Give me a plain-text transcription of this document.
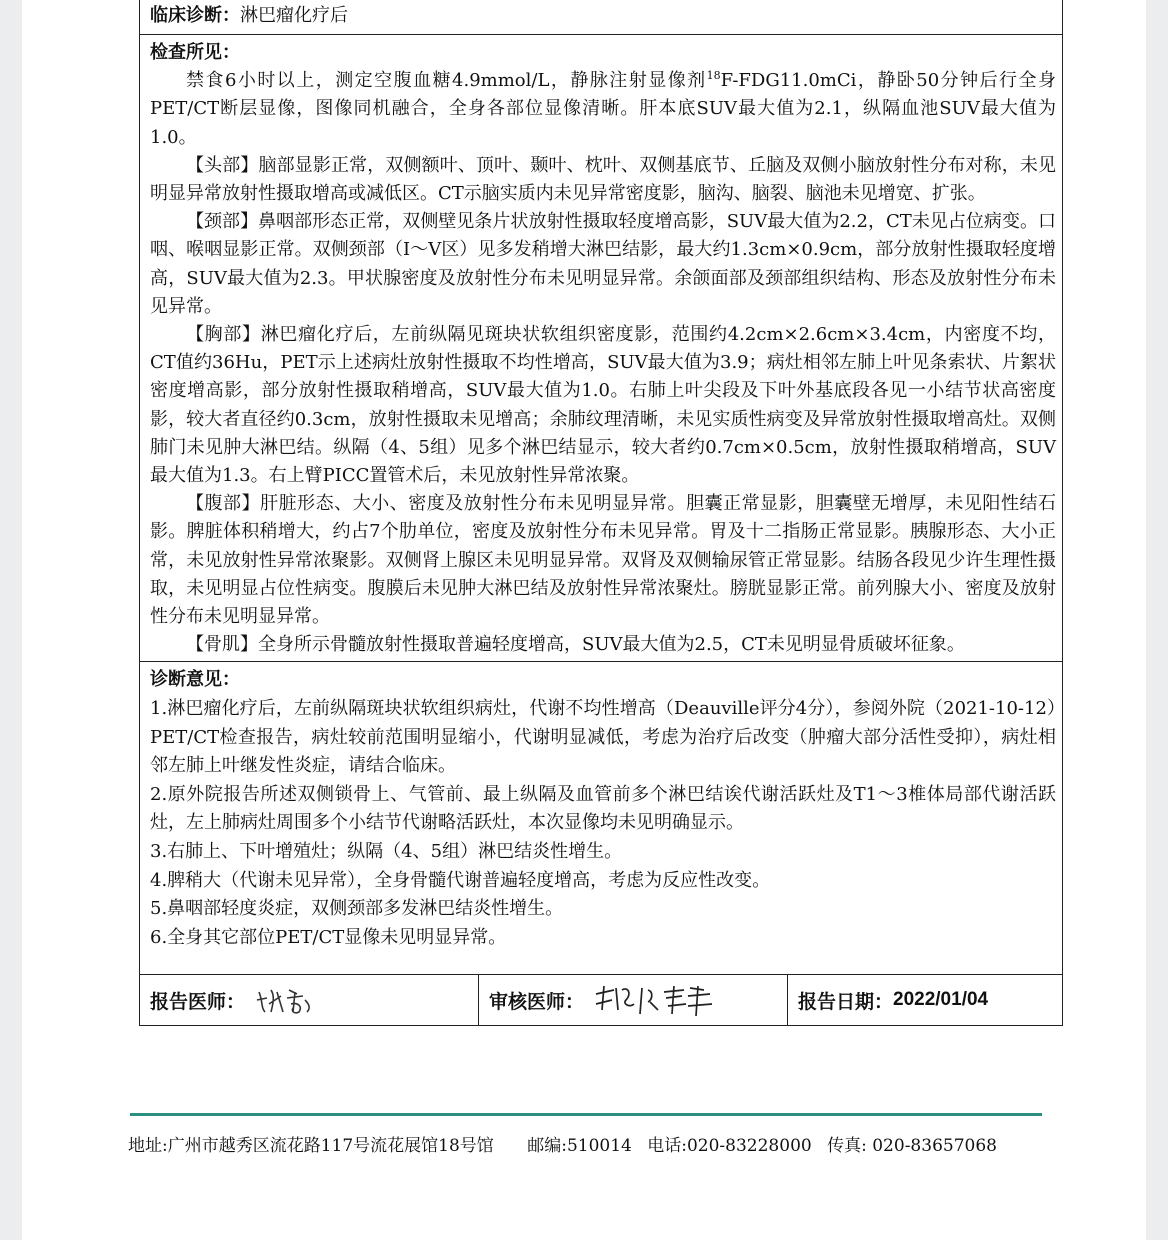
临床诊断：淋巴瘤化疗后
检查所见：

禁食6小时以上，测定空腹血糖4.9mmol/L，静脉注射显像剂$^{18}$F-FDG11.0mCi，静卧50分钟后行全身PET/CT断层显像，图像同机融合，全身各部位显像清晰。肝本底SUV最大值为2.1，纵隔血池SUV最大值为1.0。

【头部】脑部显影正常，双侧额叶、顶叶、颞叶、枕叶、双侧基底节、丘脑及双侧小脑放射性分布对称，未见明显异常放射性摄取增高或减低区。CT示脑实质内未见异常密度影，脑沟、脑裂、脑池未见增宽、扩张。

【颈部】鼻咽部形态正常，双侧壁见条片状放射性摄取轻度增高影，SUV最大值为2.2，CT未见占位病变。口咽、喉咽显影正常。双侧颈部（Ⅰ～Ⅴ区）见多发稍增大淋巴结影，最大约1.3cm×0.9cm，部分放射性摄取轻度增高，SUV最大值为2.3。甲状腺密度及放射性分布未见明显异常。余颌面部及颈部组织结构、形态及放射性分布未见异常。

【胸部】淋巴瘤化疗后，左前纵隔见斑块状软组织密度影，范围约4.2cm×2.6cm×3.4cm，内密度不均，CT值约36Hu，PET示上述病灶放射性摄取不均性增高，SUV最大值为3.9；病灶相邻左肺上叶见条索状、片絮状密度增高影，部分放射性摄取稍增高，SUV最大值为1.0。右肺上叶尖段及下叶外基底段各见一小结节状高密度影，较大者直径约0.3cm，放射性摄取未见增高；余肺纹理清晰，未见实质性病变及异常放射性摄取增高灶。双侧肺门未见肿大淋巴结。纵隔（4、5组）见多个淋巴结显示，较大者约0.7cm×0.5cm，放射性摄取稍增高，SUV最大值为1.3。右上臂PICC置管术后，未见放射性异常浓聚。

【腹部】肝脏形态、大小、密度及放射性分布未见明显异常。胆囊正常显影，胆囊壁无增厚，未见阳性结石影。脾脏体积稍增大，约占7个肋单位，密度及放射性分布未见异常。胃及十二指肠正常显影。胰腺形态、大小正常，未见放射性异常浓聚影。双侧肾上腺区未见明显异常。双肾及双侧输尿管正常显影。结肠各段见少许生理性摄取，未见明显占位性病变。腹膜后未见肿大淋巴结及放射性异常浓聚灶。膀胱显影正常。前列腺大小、密度及放射性分布未见明显异常。

【骨肌】全身所示骨髓放射性摄取普遍轻度增高，SUV最大值为2.5，CT未见明显骨质破坏征象。

诊断意见：

1.淋巴瘤化疗后，左前纵隔斑块状软组织病灶，代谢不均性增高（Deauville评分4分），参阅外院（2021-10-12）PET/CT检查报告，病灶较前范围明显缩小，代谢明显减低，考虑为治疗后改变（肿瘤大部分活性受抑），病灶相邻左肺上叶继发性炎症，请结合临床。

2.原外院报告所述双侧锁骨上、气管前、最上纵隔及血管前多个淋巴结诶代谢活跃灶及T1～3椎体局部代谢活跃灶，左上肺病灶周围多个小结节代谢略活跃灶，本次显像均未见明确显示。

3.右肺上、下叶增殖灶；纵隔（4、5组）淋巴结炎性增生。

4.脾稍大（代谢未见异常），全身骨髓代谢普遍轻度增高，考虑为反应性改变。

5.鼻咽部轻度炎症，双侧颈部多发淋巴结炎性增生。

6.全身其它部位PET/CT显像未见明显异常。

报告医师：	审核医师：	报告日期： 2022/01/04
地址:广州市越秀区流花路117号流花展馆18号馆 邮编:510014 电话:020-83228000 传真: 020-83657068
